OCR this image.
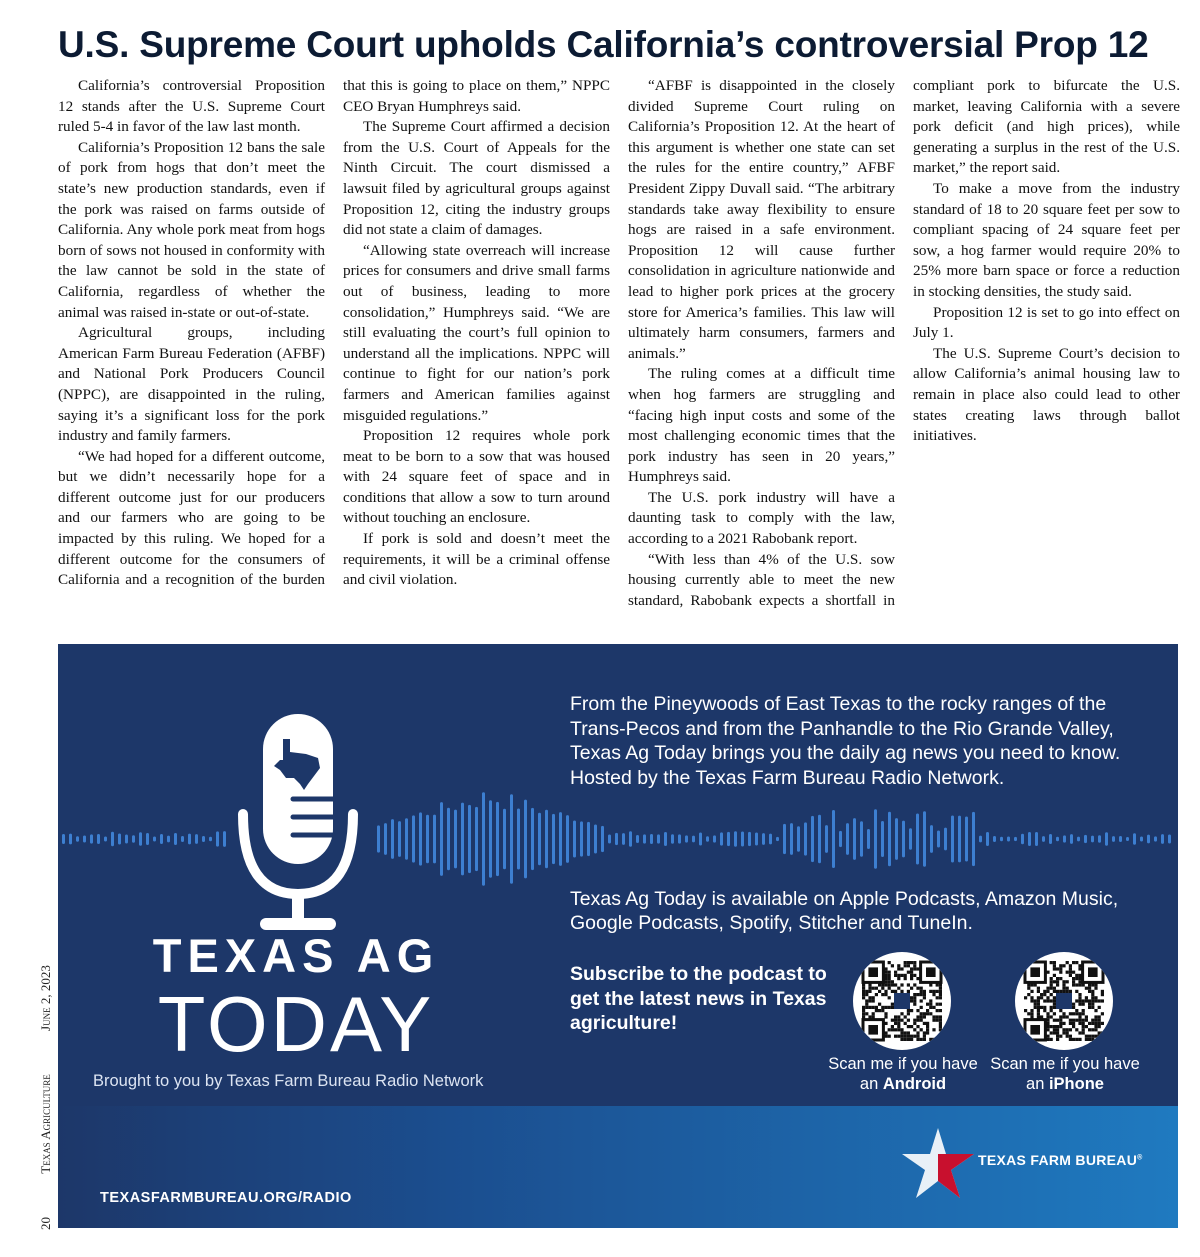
U.S. Supreme Court upholds California’s controversial Prop 12

California’s controversial Proposition 12 stands after the U.S. Supreme Court ruled 5-4 in favor of the law last month.

California’s Proposition 12 bans the sale of pork from hogs that don’t meet the state’s new production standards, even if the pork was raised on farms outside of California. Any whole pork meat from hogs born of sows not housed in conformity with the law cannot be sold in the state of California, regardless of whether the animal was raised in-state or out-of-state.

Agricultural groups, including American Farm Bureau Federation (AFBF) and National Pork Producers Council (NPPC), are disappointed in the ruling, saying it’s a significant loss for the pork industry and family farmers.

“We had hoped for a different outcome, but we didn’t necessarily hope for a different outcome just for our producers and our farmers who are going to be impacted by this ruling. We hoped for a different outcome for the consumers of California and a recognition of the burden that this is going to place on them,” NPPC CEO Bryan Humphreys said.

The Supreme Court affirmed a decision from the U.S. Court of Appeals for the Ninth Circuit. The court dismissed a lawsuit filed by agricultural groups against Proposition 12, citing the industry groups did not state a claim of damages.

“Allowing state overreach will increase prices for consumers and drive small farms out of business, leading to more consolidation,” Humphreys said. “We are still evaluating the court’s full opinion to understand all the implications. NPPC will continue to fight for our nation’s pork farmers and American families against misguided regulations.”

Proposition 12 requires whole pork meat to be born to a sow that was housed with 24 square feet of space and in conditions that allow a sow to turn around without touching an enclosure.

If pork is sold and doesn’t meet the requirements, it will be a criminal offense and civil violation.

“AFBF is disappointed in the closely divided Supreme Court ruling on California’s Proposition 12. At the heart of this argument is whether one state can set the rules for the entire country,” AFBF President Zippy Duvall said. “The arbitrary standards take away flexibility to ensure hogs are raised in a safe environment. Proposition 12 will cause further consolidation in agriculture nationwide and lead to higher pork prices at the grocery store for America’s families. This law will ultimately harm consumers, farmers and animals.”

The ruling comes at a difficult time when hog farmers are struggling and “facing high input costs and some of the most challenging economic times that the pork industry has seen in 20 years,” Humphreys said.

The U.S. pork industry will have a daunting task to comply with the law, according to a 2021 Rabobank report.

“With less than 4% of the U.S. sow housing currently able to meet the new standard, Rabobank expects a shortfall in compliant pork to bifurcate the U.S. market, leaving California with a severe pork deficit (and high prices), while generating a surplus in the rest of the U.S. market,” the report said.

To make a move from the industry standard of 18 to 20 square feet per sow to compliant spacing of 24 square feet per sow, a hog farmer would require 20% to 25% more barn space or force a reduction in stocking densities, the study said.

Proposition 12 is set to go into effect on July 1.

The U.S. Supreme Court’s decision to allow California’s animal housing law to remain in place also could lead to other states creating laws through ballot initiatives.

20 Texas Agriculture June 2, 2023
TEXAS AG
TODAY
Brought to you by Texas Farm Bureau Radio Network
From the Pineywoods of East Texas to the rocky ranges of the Trans-Pecos and from the Panhandle to the Rio Grande Valley, Texas Ag Today brings you the daily ag news you need to know. Hosted by the Texas Farm Bureau Radio Network.
Texas Ag Today is available on Apple Podcasts, Amazon Music, Google Podcasts, Spotify, Stitcher and TuneIn.
Subscribe to the podcast to get the latest news in Texas agriculture!
Scan me if you have an Android
Scan me if you have an iPhone
TEXASFARMBUREAU.ORG/RADIO
TEXAS FARM BUREAU®
